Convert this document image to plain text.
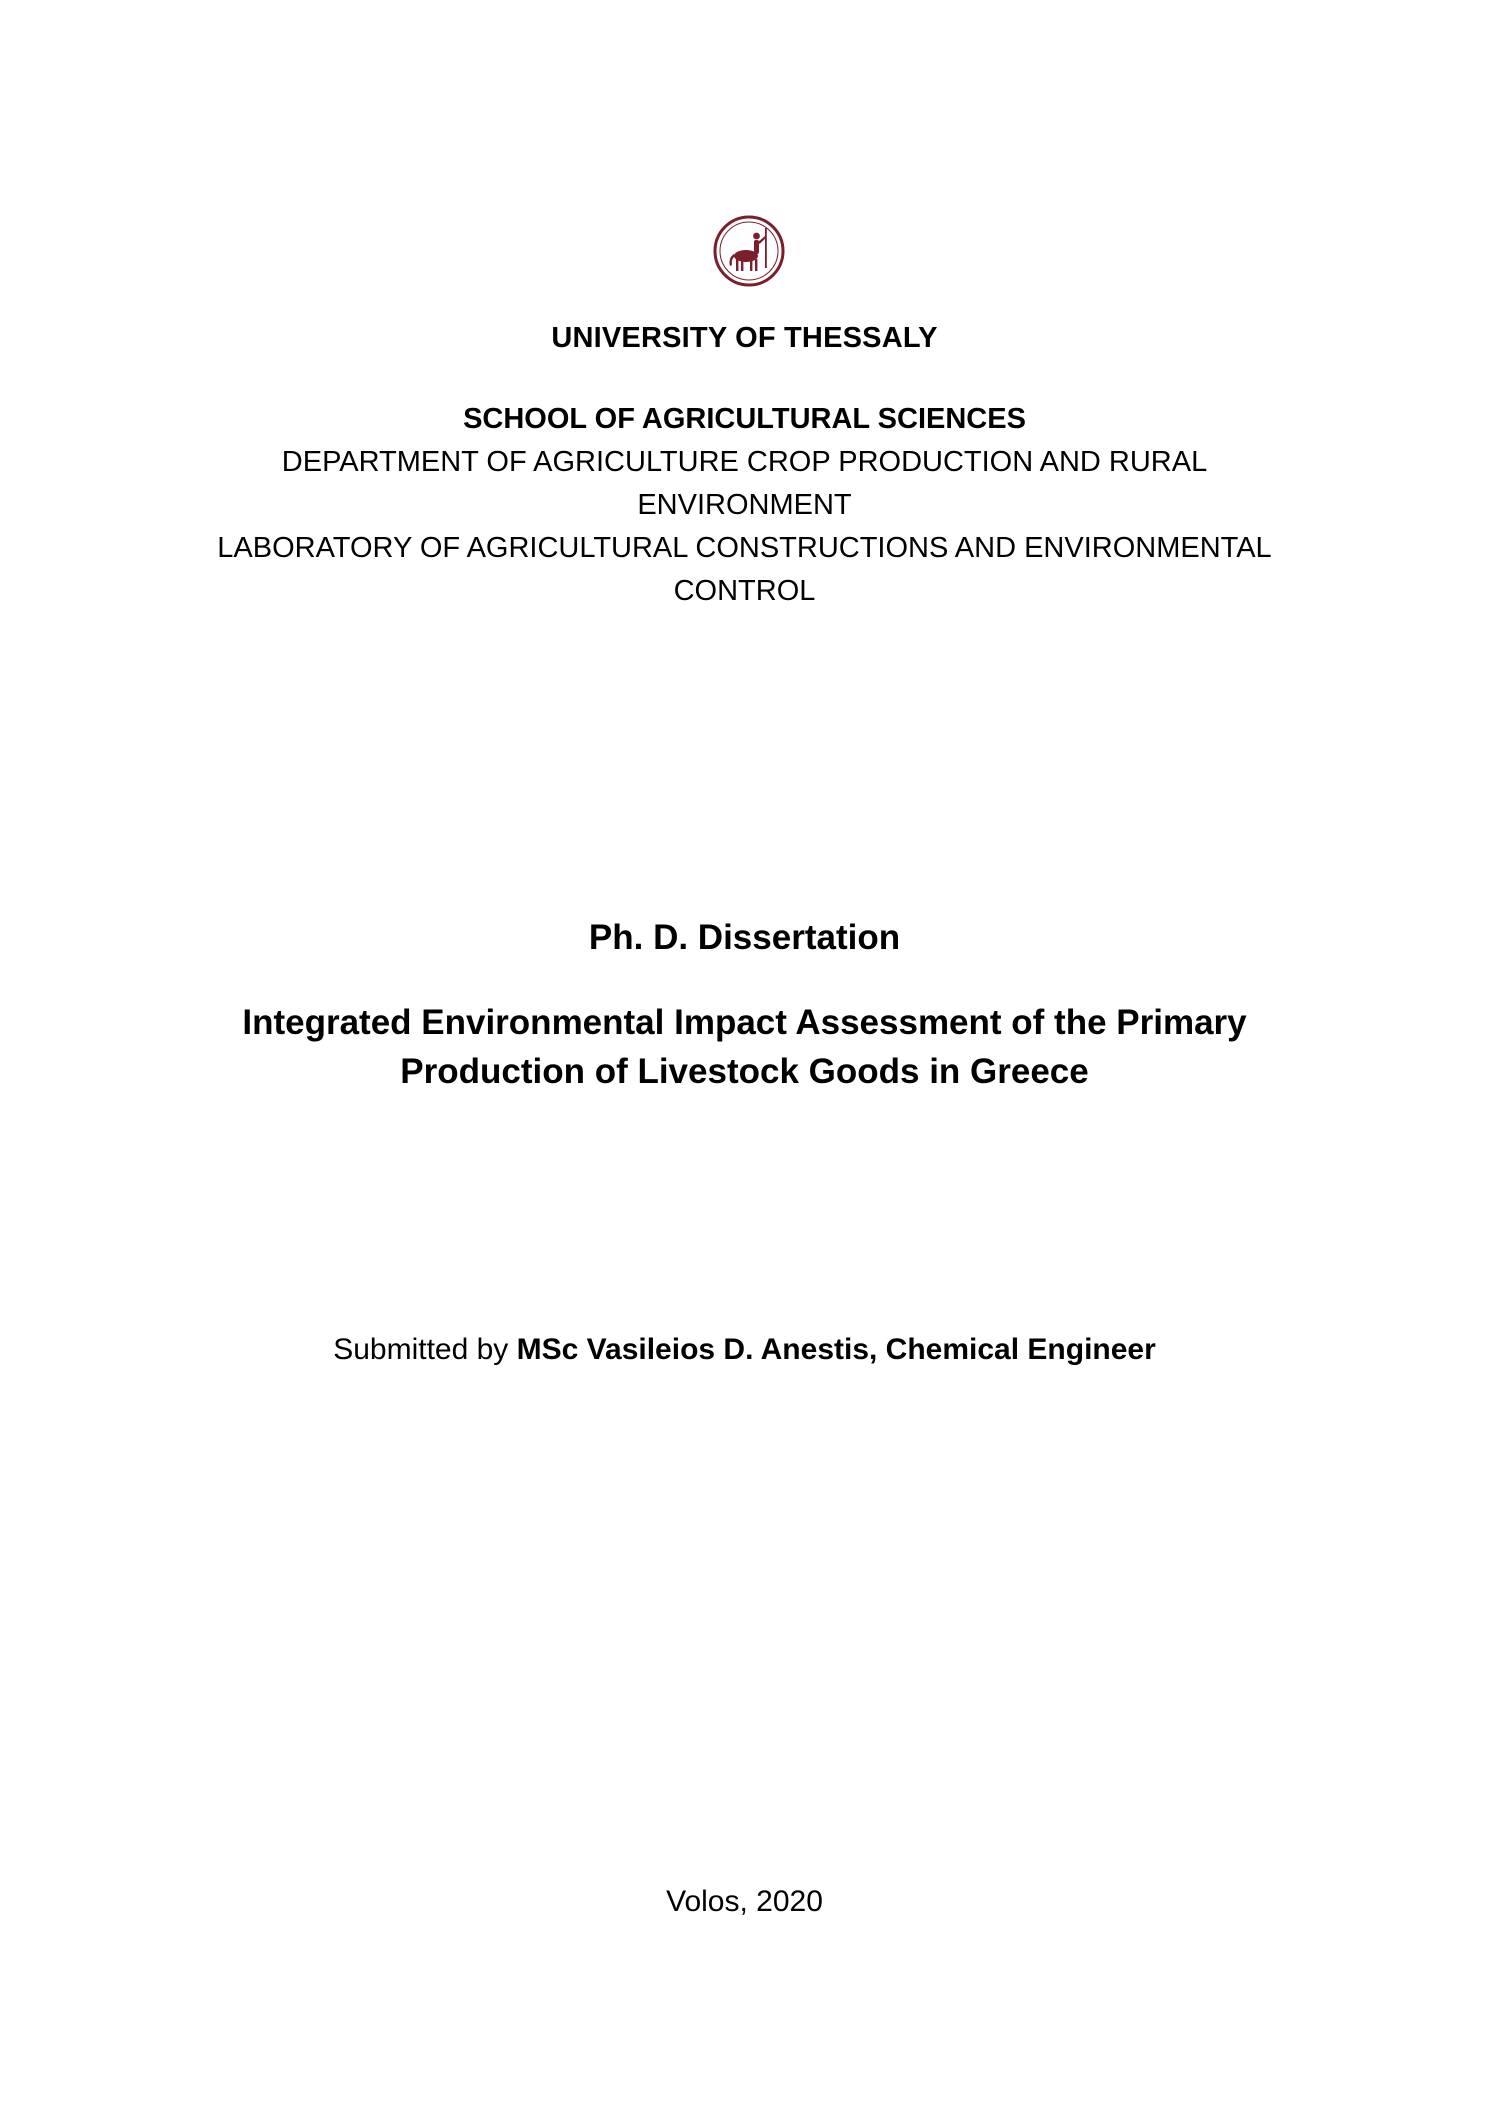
UNIVERSITY OF THESSALY
SCHOOL OF AGRICULTURAL SCIENCES
DEPARTMENT OF AGRICULTURE CROP PRODUCTION AND RURAL
ENVIRONMENT
LABORATORY OF AGRICULTURAL CONSTRUCTIONS AND ENVIRONMENTAL
CONTROL
Ph. D. Dissertation
Integrated Environmental Impact Assessment of the Primary
Production of Livestock Goods in Greece
Submitted by MSc Vasileios D. Anestis, Chemical Engineer
Volos, 2020
